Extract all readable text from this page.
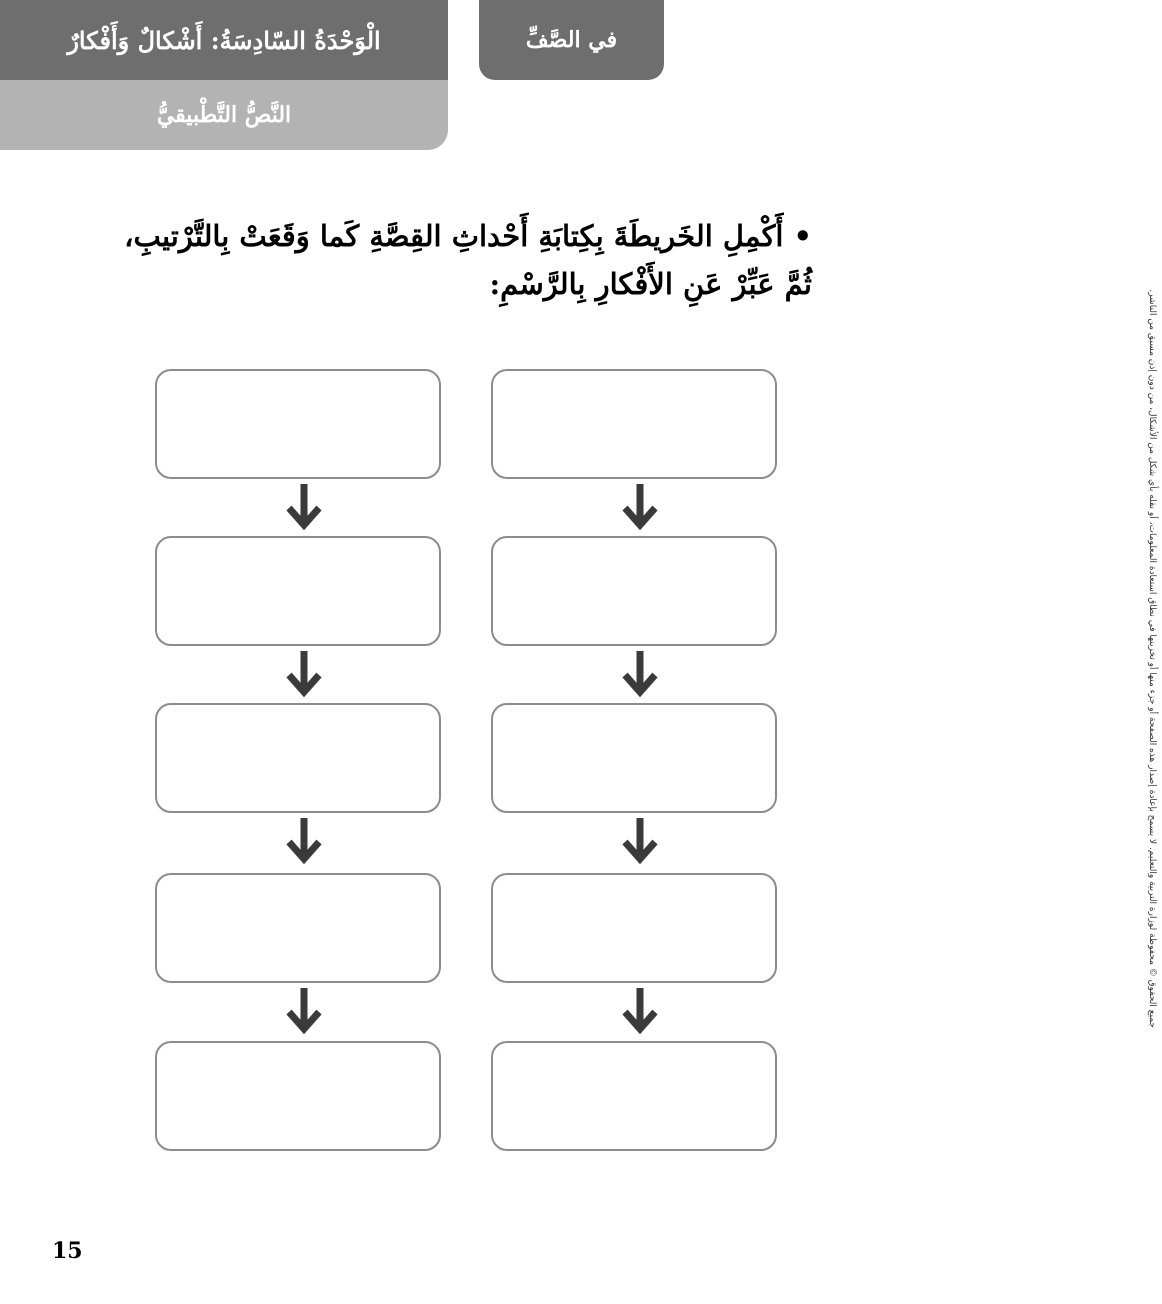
الْوَحْدَةُ السّادِسَةُ: أَشْكالٌ وَأَفْكارٌ
النَّصُّ التَّطْبيقيُّ
في الصَّفِّ
•أَكْمِلِ الخَريطَةَ بِكِتابَةِ أَحْداثِ القِصَّةِ كَما وَقَعَتْ بِالتَّرْتيبِ، ثُمَّ عَبِّرْ عَنِ الأَفْكارِ بِالرَّسْمِ:
جميع الحقوق © محفوظة لوزارة التربية والتعليم. لا يسمح بإعادة إصدار هذه الصفحة أو جزء منها أو تخزينها في نطاق استعادة المعلومات، أو نقله بأي شكل من الأشكال، من دون إذن مسبق من الناشر.
15
